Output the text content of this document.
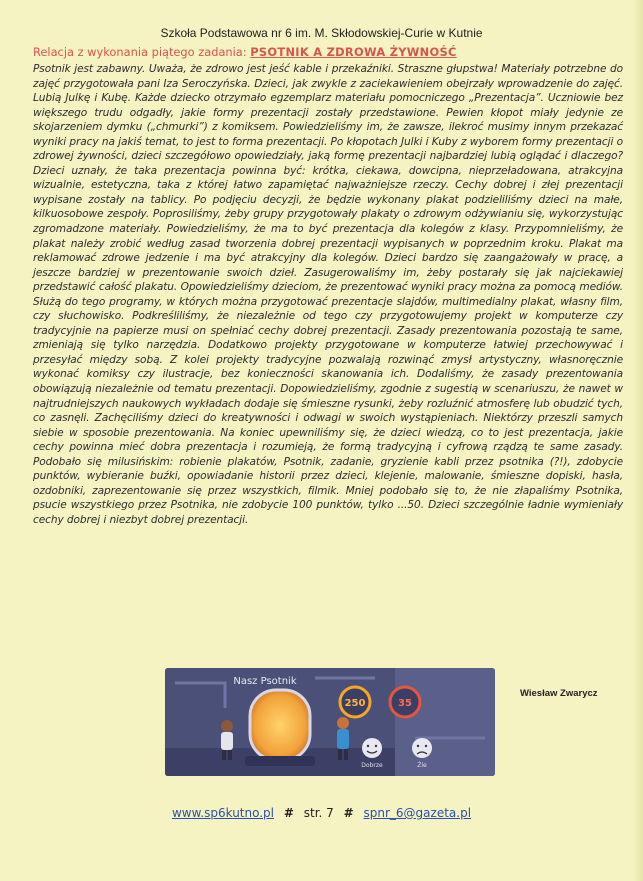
Szkoła Podstawowa nr 6 im. M. Skłodowskiej-Curie w Kutnie
Relacja z wykonania piątego zadania: PSOTNIK A ZDROWA ŻYWNOŚĆ
Psotnik jest zabawny. Uważa, że zdrowo jest jeść kable i przekaźniki. Straszne głupstwa! Materiały potrzebne do zajęć przygotowała pani Iza Seroczyńska. Dzieci, jak zwykle z zaciekawieniem obejrzały wprowadzenie do zajęć. Lubią Julkę i Kubę. Każde dziecko otrzymało egzemplarz materiału pomocniczego „Prezentacja”. Uczniowie bez większego trudu odgadły, jakie formy prezentacji zostały przedstawione. Pewien kłopot miały jedynie ze skojarzeniem dymku („chmurki”) z komiksem. Powiedzieliśmy im, że zawsze, ilekroć musimy innym przekazać wyniki pracy na jakiś temat, to jest to forma prezentacji. Po kłopotach Julki i Kuby z wyborem formy prezentacji o zdrowej żywności, dzieci szczegółowo opowiedziały, jaką formę prezentacji najbardziej lubią oglądać i dlaczego? Dzieci uznały, że taka prezentacja powinna być: krótka, ciekawa, dowcipna, nieprzeładowana, atrakcyjna wizualnie, estetyczna, taka z której łatwo zapamiętać najważniejsze rzeczy. Cechy dobrej i złej prezentacji wypisane zostały na tablicy. Po podjęciu decyzji, że będzie wykonany plakat podzieliliśmy dzieci na małe, kilkuosobowe zespoły. Poprosiliśmy, żeby grupy przygotowały plakaty o zdrowym odżywianiu się, wykorzystując zgromadzone materiały. Powiedzieliśmy, że ma to być prezentacja dla kolegów z klasy. Przypomnieliśmy, że plakat należy zrobić według zasad tworzenia dobrej prezentacji wypisanych w poprzednim kroku. Plakat ma reklamować zdrowe jedzenie i ma być atrakcyjny dla kolegów. Dzieci bardzo się zaangażowały w pracę, a jeszcze bardziej w prezentowanie swoich dzieł. Zasugerowaliśmy im, żeby postarały się jak najciekawiej przedstawić całość plakatu. Opowiedzieliśmy dzieciom, że prezentować wyniki pracy można za pomocą mediów. Służą do tego programy, w których można przygotować prezentacje slajdów, multimedialny plakat, własny film, czy słuchowisko. Podkreśliliśmy, że niezależnie od tego czy przygotowujemy projekt w komputerze czy tradycyjnie na papierze musi on spełniać cechy dobrej prezentacji. Zasady prezentowania pozostają te same, zmieniają się tylko narzędzia. Dodatkowo projekty przygotowane w komputerze łatwiej przechowywać i przesyłać między sobą. Z kolei projekty tradycyjne pozwalają rozwinąć zmysł artystyczny, własnoręcznie wykonać komiksy czy ilustracje, bez konieczności skanowania ich. Dodaliśmy, że zasady prezentowania obowiązują niezależnie od tematu prezentacji. Dopowiedzieliśmy, zgodnie z sugestią w scenariuszu, że nawet w najtrudniejszych naukowych wykładach dodaje się śmieszne rysunki, żeby rozluźnić atmosferę lub obudzić tych, co zasnęli. Zachęciliśmy dzieci do kreatywności i odwagi w swoich wystąpieniach. Niektórzy przeszli samych siebie w sposobie prezentowania. Na koniec upewniliśmy się, że dzieci wiedzą, co to jest prezentacja, jakie cechy powinna mieć dobra prezentacja i rozumieją, że formą tradycyjną i cyfrową rządzą te same zasady. Podobało się milusińskim: robienie plakatów, Psotnik, zadanie, gryzienie kabli przez psotnika (?!), zdobycie punktów, wybieranie buźki, opowiadanie historii przez dzieci, klejenie, malowanie, śmieszne dopiski, hasła, ozdobniki, zaprezentowanie się przez wszystkich, filmik. Mniej podobało się to, że nie złapaliśmy Psotnika, psucie wszystkiego przez Psotnika, nie zdobycie 100 punktów, tylko ...50. Dzieci szczególnie ładnie wymieniały cechy dobrej i niezbyt dobrej prezentacji.
250	35
Dobrze	Źle
Nasz Psotnik
Wiesław Zwarycz
www.sp6kutno.pl # str. 7 # spnr_6@gazeta.pl
